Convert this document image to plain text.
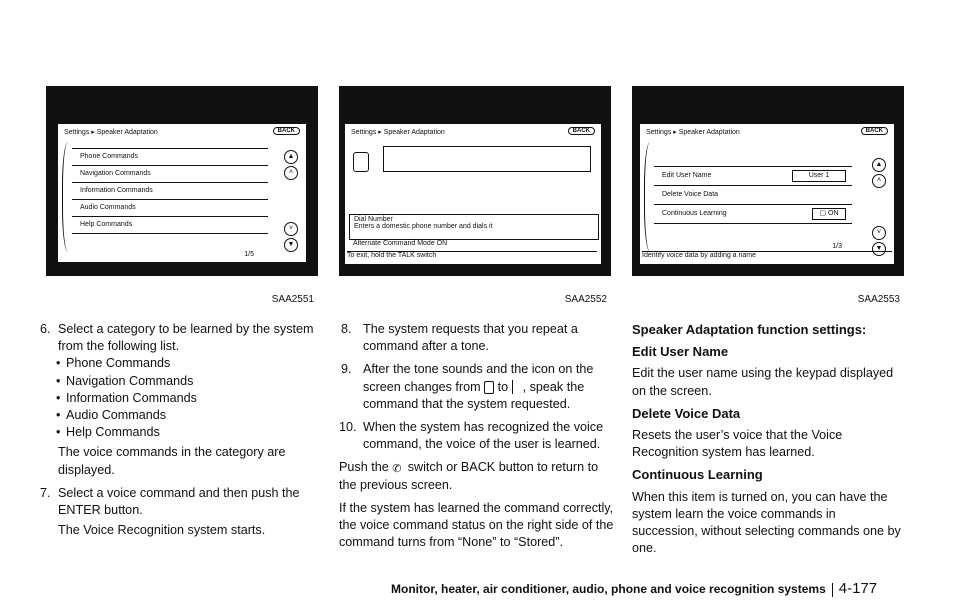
Settings ▸ Speaker Adaptation	BACK
Phone Commands
Navigation Commands
Information Commands
Audio Commands
Help Commands
▲
˄
˅
▼
1/5
SAA2551
Settings ▸ Speaker Adaptation	BACK
Dial Number
Enters a domestic phone number and dials it
Alternate Command Mode ON
To exit, hold the TALK switch
SAA2552
Settings ▸ Speaker Adaptation	BACK
Edit User Name	User 1
Delete Voice Data
Continuous Learning	▢ ON
▲
˄
˅
▼
1/3
Identify voice data by adding a name
SAA2553

6. Select a category to be learned by the system from the following list.

• Phone Commands

• Navigation Commands

• Information Commands

• Audio Commands

• Help Commands

The voice commands in the category are displayed.

7. Select a voice command and then push the ENTER button.

The Voice Recognition system starts.

8. The system requests that you repeat a command after a tone.

9. After the tone sounds and the icon on the screen changes from to , speak the command that the system requested.

10. When the system has recognized the voice command, the voice of the user is learned.

Push the ✆ switch or BACK button to return to the previous screen.

If the system has learned the command correctly, the voice command status on the right side of the command turns from “None” to “Stored”.

Speaker Adaptation function settings:
Edit User Name

Edit the user name using the keypad displayed on the screen.

Delete Voice Data

Resets the user’s voice that the Voice Recognition system has learned.

Continuous Learning

When this item is turned on, you can have the system learn the voice commands in succession, without selecting commands one by one.

Monitor, heater, air conditioner, audio, phone and voice recognition systems 4-177
